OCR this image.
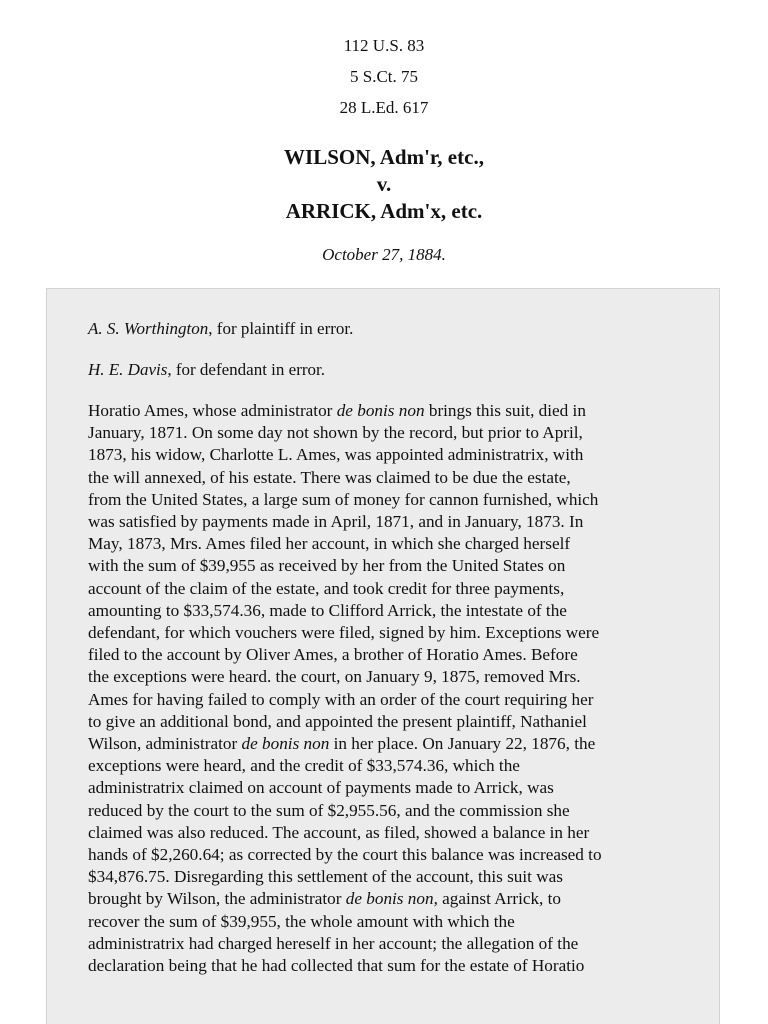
112 U.S. 83
5 S.Ct. 75
28 L.Ed. 617
WILSON, Adm'r, etc.,
v.
ARRICK, Adm'x, etc.
October 27, 1884.
A. S. Worthington, for plaintiff in error.
H. E. Davis, for defendant in error.
Horatio Ames, whose administrator de bonis non brings this suit, died in
January, 1871. On some day not shown by the record, but prior to April,
1873, his widow, Charlotte L. Ames, was appointed administratrix, with
the will annexed, of his estate. There was claimed to be due the estate,
from the United States, a large sum of money for cannon furnished, which
was satisfied by payments made in April, 1871, and in January, 1873. In
May, 1873, Mrs. Ames filed her account, in which she charged herself
with the sum of $39,955 as received by her from the United States on
account of the claim of the estate, and took credit for three payments,
amounting to $33,574.36, made to Clifford Arrick, the intestate of the
defendant, for which vouchers were filed, signed by him. Exceptions were
filed to the account by Oliver Ames, a brother of Horatio Ames. Before
the exceptions were heard. the court, on January 9, 1875, removed Mrs.
Ames for having failed to comply with an order of the court requiring her
to give an additional bond, and appointed the present plaintiff, Nathaniel
Wilson, administrator de bonis non in her place. On January 22, 1876, the
exceptions were heard, and the credit of $33,574.36, which the
administratrix claimed on account of payments made to Arrick, was
reduced by the court to the sum of $2,955.56, and the commission she
claimed was also reduced. The account, as filed, showed a balance in her
hands of $2,260.64; as corrected by the court this balance was increased to
$34,876.75. Disregarding this settlement of the account, this suit was
brought by Wilson, the administrator de bonis non, against Arrick, to
recover the sum of $39,955, the whole amount with which the
administratrix had charged hereself in her account; the allegation of the
declaration being that he had collected that sum for the estate of Horatio
